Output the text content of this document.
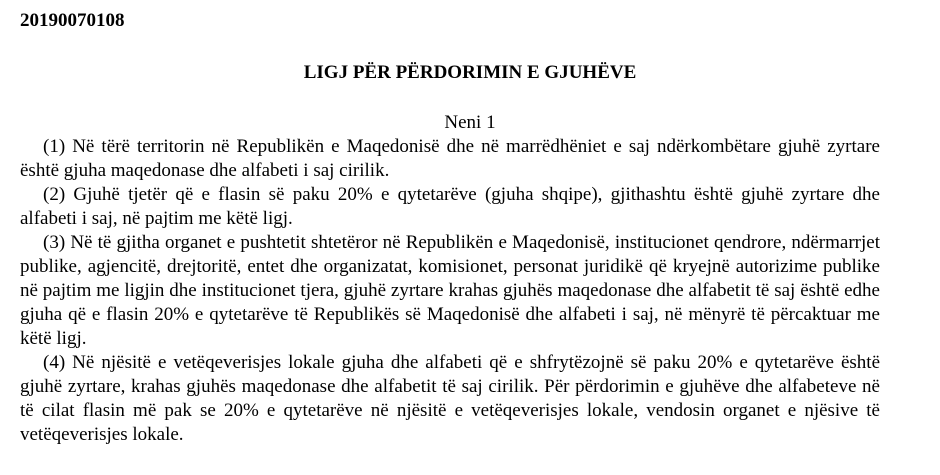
20190070108
LIGJ PËR PËRDORIMIN E GJUHËVE
Neni 1

(1) Në tërë territorin në Republikën e Maqedonisë dhe në marrëdhëniet e saj ndërkombëtare gjuhë zyrtare është gjuha maqedonase dhe alfabeti i saj cirilik.

(2) Gjuhë tjetër që e flasin së paku 20% e qytetarëve (gjuha shqipe), gjithashtu është gjuhë zyrtare dhe alfabeti i saj, në pajtim me këtë ligj.

(3) Në të gjitha organet e pushtetit shtetëror në Republikën e Maqedonisë, institucionet qendrore, ndërmarrjet publike, agjencitë, drejtoritë, entet dhe organizatat, komisionet, personat juridikë që kryejnë autorizime publike në pajtim me ligjin dhe institucionet tjera, gjuhë zyrtare krahas gjuhës maqedonase dhe alfabetit të saj është edhe gjuha që e flasin 20% e qytetarëve të Republikës së Maqedonisë dhe alfabeti i saj, në mënyrë të përcaktuar me këtë ligj.

(4) Në njësitë e vetëqeverisjes lokale gjuha dhe alfabeti që e shfrytëzojnë së paku 20% e qytetarëve është gjuhë zyrtare, krahas gjuhës maqedonase dhe alfabetit të saj cirilik. Për përdorimin e gjuhëve dhe alfabeteve në të cilat flasin më pak se 20% e qytetarëve në njësitë e vetëqeverisjes lokale, vendosin organet e njësive të vetëqeverisjes lokale.
